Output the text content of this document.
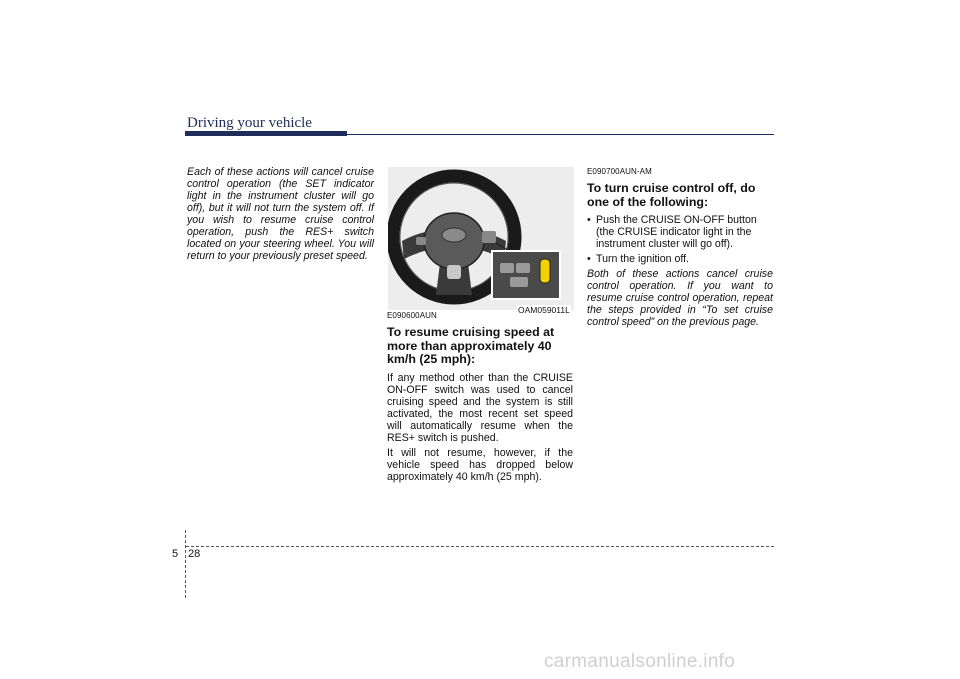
Driving your vehicle

Each of these actions will cancel cruise control operation (the SET indicator light in the instrument cluster will go off), but it will not turn the system off. If you wish to resume cruise control operation, push the RES+ switch located on your steering wheel. You will return to your previously preset speed.

OAM059011L

E090600AUN

To resume cruising speed at more than approximately 40 km/h (25 mph):

If any method other than the CRUISE ON-OFF switch was used to cancel cruising speed and the system is still activated, the most recent set speed will automatically resume when the RES+ switch is pushed.

It will not resume, however, if the vehicle speed has dropped below approximately 40 km/h (25 mph).

E090700AUN-AM

To turn cruise control off, do one of the following:

• Push the CRUISE ON-OFF button (the CRUISE indicator light in the instrument cluster will go off).
• Turn the ignition off.

Both of these actions cancel cruise control operation. If you want to resume cruise control operation, repeat the steps provided in “To set cruise control speed” on the previous page.

5 28
carmanualsonline.info
